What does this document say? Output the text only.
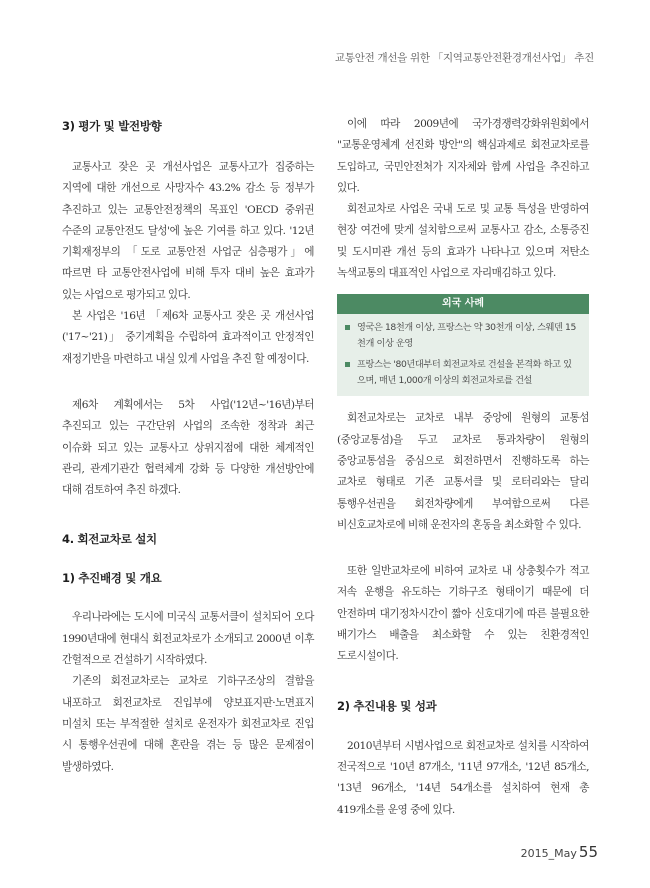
교통안전 개선을 위한 「지역교통안전환경개선사업」 추진
3) 평가 및 발전방향

교통사고 잦은 곳 개선사업은 교통사고가 집중하는 지역에 대한 개선으로 사망자수 43.2% 감소 등 정부가 추진하고 있는 교통안전정책의 목표인 'OECD 중위권 수준의 교통안전도 달성'에 높은 기여를 하고 있다. '12년 기획재정부의 「도로 교통안전 사업군 심층평가」에 따르면 타 교통안전사업에 비해 투자 대비 높은 효과가 있는 사업으로 평가되고 있다.

본 사업은 '16년 「제6차 교통사고 잦은 곳 개선사업('17~'21)」 중기계획을 수립하여 효과적이고 안정적인 재정기반을 마련하고 내실 있게 사업을 추진 할 예정이다.

제6차 계획에서는 5차 사업('12년~'16년)부터 추진되고 있는 구간단위 사업의 조속한 정착과 최근 이슈화 되고 있는 교통사고 상위지점에 대한 체계적인 관리, 관계기관간 협력체계 강화 등 다양한 개선방안에 대해 검토하여 추진 하겠다.

4. 회전교차로 설치
1) 추진배경 및 개요

우리나라에는 도시에 미국식 교통서클이 설치되어 오다 1990년대에 현대식 회전교차로가 소개되고 2000년 이후 간헐적으로 건설하기 시작하였다.

기존의 회전교차로는 교차로 기하구조상의 결함을 내포하고 회전교차로 진입부에 양보표지판·노면표지 미설치 또는 부적절한 설치로 운전자가 회전교차로 진입 시 통행우선권에 대해 혼란을 겪는 등 많은 문제점이 발생하였다.

이에 따라 2009년에 국가경쟁력강화위원회에서 "교통운영체계 선진화 방안"의 핵심과제로 회전교차로를 도입하고, 국민안전처가 지자체와 함께 사업을 추진하고 있다.

회전교차로 사업은 국내 도로 및 교통 특성을 반영하여 현장 여건에 맞게 설치함으로써 교통사고 감소, 소통증진 및 도시미관 개선 등의 효과가 나타나고 있으며 저탄소 녹색교통의 대표적인 사업으로 자리매김하고 있다.

외국 사례
영국은 18천개 이상, 프랑스는 약 30천개 이상, 스웨덴 15천개 이상 운영
프랑스는 '80년대부터 회전교차로 건설을 본격화 하고 있으며, 매년 1,000개 이상의 회전교차로를 건설

회전교차로는 교차로 내부 중앙에 원형의 교통섬(중앙교통섬)을 두고 교차로 통과차량이 원형의 중앙교통섬을 중심으로 회전하면서 진행하도록 하는 교차로 형태로 기존 교통서클 및 로터리와는 달리 통행우선권을 회전차량에게 부여함으로써 다른 비신호교차로에 비해 운전자의 혼동을 최소화할 수 있다.

또한 일반교차로에 비하여 교차로 내 상충횟수가 적고 저속 운행을 유도하는 기하구조 형태이기 때문에 더 안전하며 대기정차시간이 짧아 신호대기에 따른 불필요한 배기가스 배출을 최소화할 수 있는 친환경적인 도로시설이다.

2) 추진내용 및 성과

2010년부터 시범사업으로 회전교차로 설치를 시작하여 전국적으로 '10년 87개소, '11년 97개소, '12년 85개소, '13년 96개소, '14년 54개소를 설치하여 현재 총 419개소를 운영 중에 있다.

2015_May 55
